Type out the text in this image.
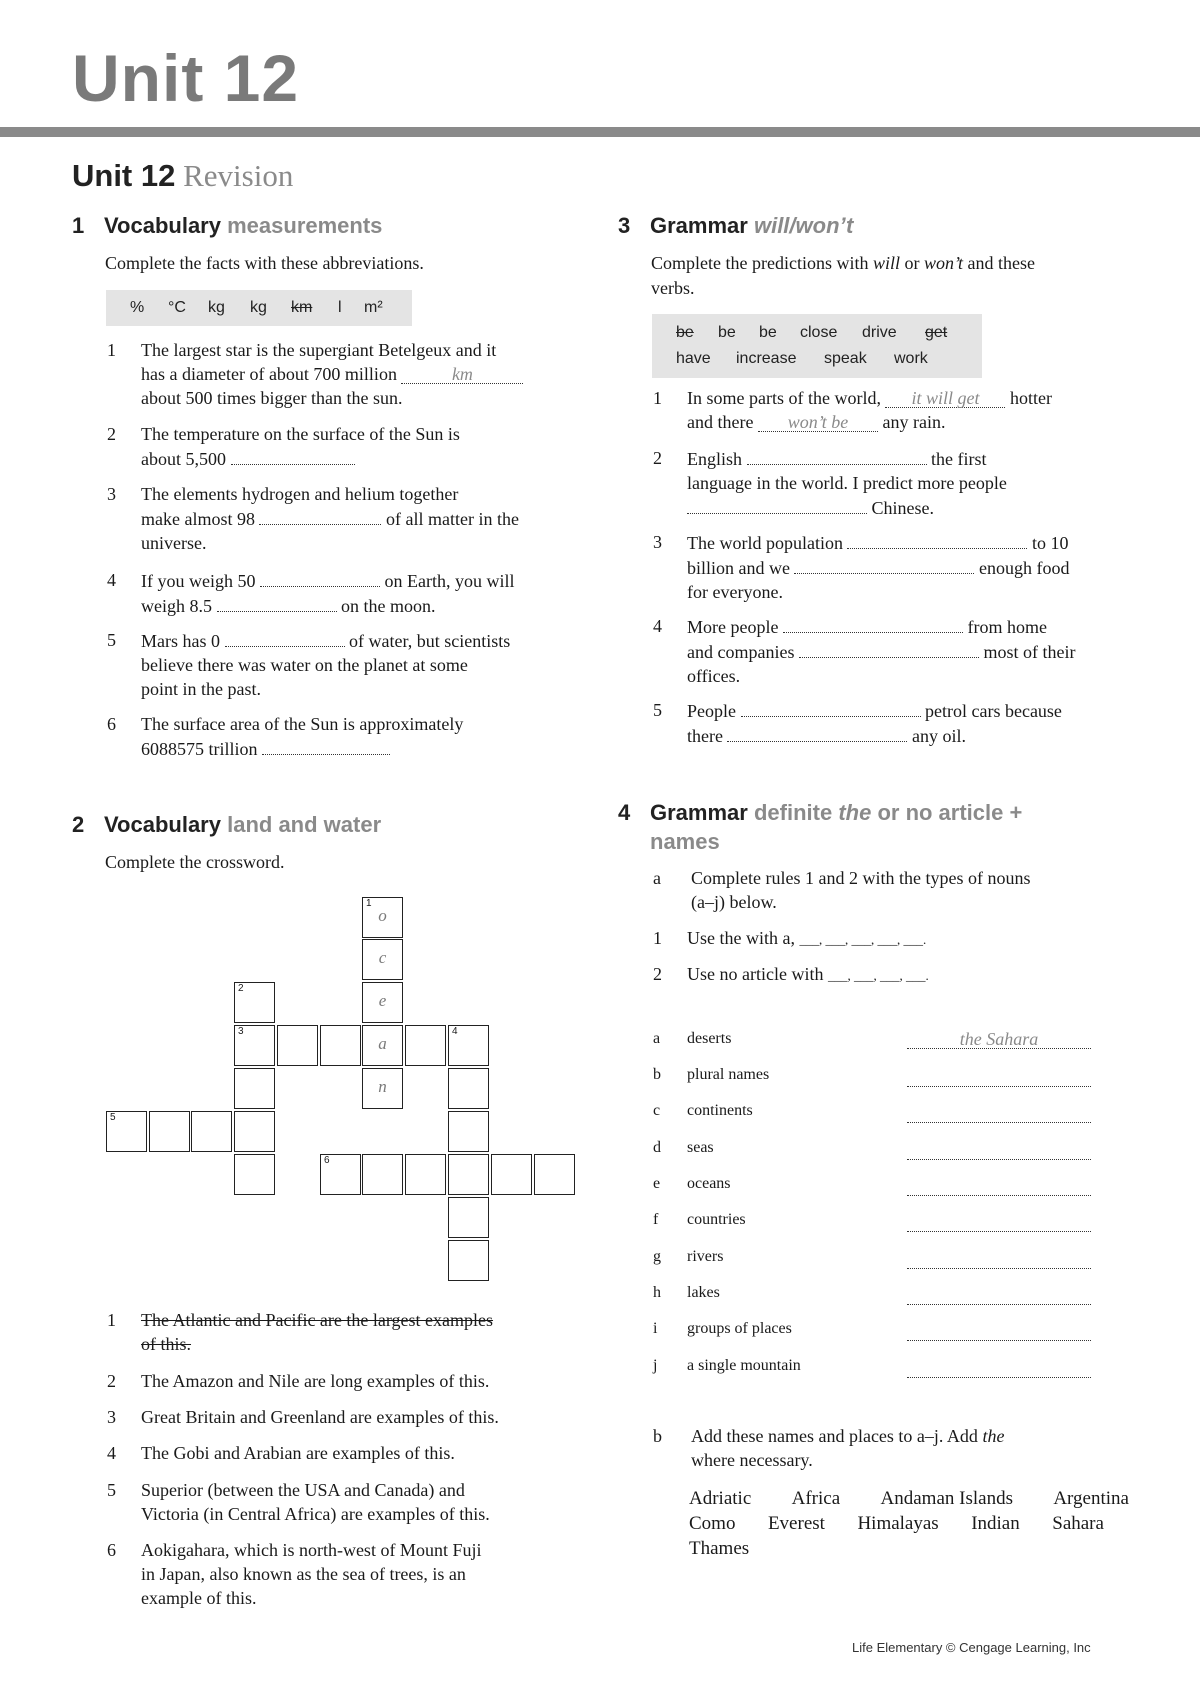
Unit 12
Unit 12 Revision
1 Vocabulary measurements
Complete the facts with these abbreviations.
% °C kg kg km l m²
1 The largest star is the supergiant Betelgeux and it
has a diameter of about 700 million	km
about 500 times bigger than the sun.
2 The temperature on the surface of the Sun is
about 5,500
3 The elements hydrogen and helium together
make almost 98	of all matter in the
universe.
4 If you weigh 50	on Earth, you will
weigh 8.5	on the moon.
5 Mars has 0	of water, but scientists
believe there was water on the planet at some
point in the past.
6 The surface area of the Sun is approximately
6088575 trillion
2 Vocabulary land and water
Complete the crossword.
1
o
c
e
a
n
2
3	4
5
6
1 The Atlantic and Pacific are the largest examples
of this.
2 The Amazon and Nile are long examples of this.
3 Great Britain and Greenland are examples of this.
4 The Gobi and Arabian are examples of this.
5 Superior (between the USA and Canada) and
Victoria (in Central Africa) are examples of this.
6 Aokigahara, which is north-west of Mount Fuji
in Japan, also known as the sea of trees, is an
example of this.
3 Grammar will/won’t
Complete the predictions with will or won’t and these
verbs.
be be be close drive get
have increase speak work
1 In some parts of the world, it will get hotter
and there won’t be any rain.
2 English	the first
language in the world. I predict more people
Chinese.
3 The world population	to 10
billion and we	enough food
for everyone.
4 More people	from home
and companies	most of their
offices.
5 People	petrol cars because
there	any oil.
4 Grammar definite the or no article +
names
a Complete rules 1 and 2 with the types of nouns
(a–j) below.
1 Use the with a, ___, ___, ___, ___, ___.
2 Use no article with ___, ___, ___, ___.
a deserts	the Sahara
b plural names
c continents
d seas
e oceans
f countries
g rivers
h lakes
i groups of places
j a single mountain
b Add these names and places to a–j. Add the
where necessary.
Adriatic Africa Andaman Islands Argentina
Como Everest Himalayas Indian Sahara
Thames
Life Elementary © Cengage Learning, Inc
